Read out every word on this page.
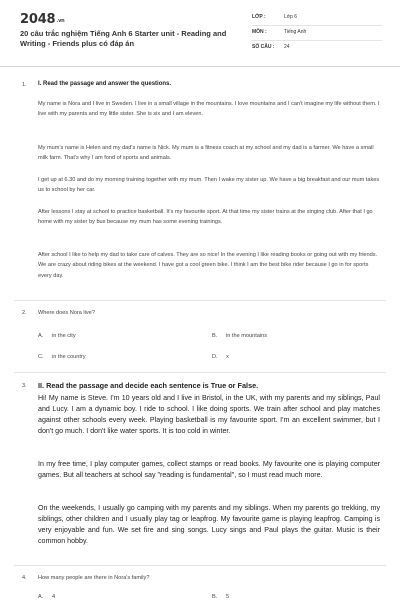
2048.vn
20 câu trắc nghiệm Tiếng Anh 6 Starter unit - Reading and Writing - Friends plus có đáp án
LỚP :	Lớp 6
MÔN :	Tiếng Anh
SỐ CÂU : 24
1. I. Read the passage and answer the questions.
My name is Nora and I live in Sweden. I live in a small village in the mountains. I love mountains and I can't imagine my life without them. I live with my parents and my little sister. She is six and I am eleven.
My mum's name is Helen and my dad's name is Nick. My mum is a fitness coach at my school and my dad is a farmer. We have a small milk farm. That's why I am fond of sports and animals.
I get up at 6.30 and do my morning training together with my mum. Then I wake my sister up. We have a big breakfast and our mum takes us to school by her car.
After lessons I stay at school to practice basketball. It's my favourite sport. At that time my sister trains at the singing club. After that I go home with my sister by bus because my mum has some evening trainings.
After school I like to help my dad to take care of calves. They are so nice! In the evening I like reading books or going out with my friends. We are crazy about riding bikes at the weekend. I have got a cool green bike. I think I am the best bike rider because I go in for sports every day.
2. Where does Nora live?
A. in the city	B. in the mountains
C. in the country	D. x
3. II. Read the passage and decide each sentence is True or False.
Hi! My name is Steve. I'm 10 years old and I live in Bristol, in the UK, with my parents and my siblings, Paul and Lucy. I am a dynamic boy. I ride to school. I like doing sports. We train after school and play matches against other schools every week. Playing basketball is my favourite sport. I'm an excellent swimmer, but I don't go much. I don't like water sports. It is too cold in winter.
In my free time, I play computer games, collect stamps or read books. My favourite one is playing computer games. But all teachers at school say "reading is fundamental", so I must read much more.
On the weekends, I usually go camping with my parents and my siblings. When my parents go trekking, my siblings, other children and I usually play tag or leapfrog. My favourite game is playing leapfrog. Camping is very enjoyable and fun. We set fire and sing songs. Lucy sings and Paul plays the guitar. Music is their common hobby.
4. How many people are there in Nora's family?
A. 4	B. 5
